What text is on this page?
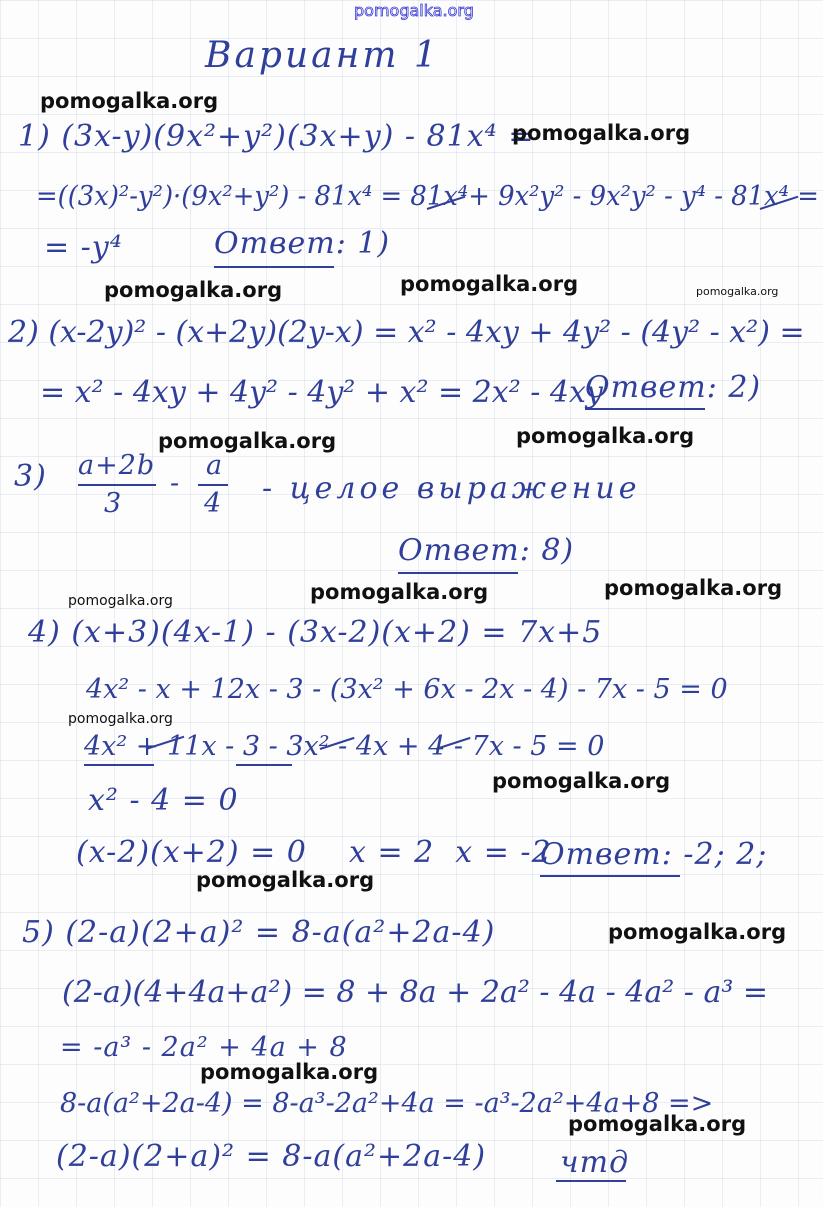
pomogalka.org
Вариант 1
1) (3x-y)(9x²+y²)(3x+y) - 81x⁴ =
=((3x)²-y²)·(9x²+y²) - 81x⁴ = 81x⁴+ 9x²y² - 9x²y² - y⁴ - 81x⁴ =
= -y⁴	Ответ: 1)
2) (x-2y)² - (x+2y)(2y-x) = x² - 4xy + 4y² - (4y² - x²) =
= x² - 4xy + 4y² - 4y² + x² = 2x² - 4xy
Ответ: 2)
3) a+2b
3
-
a
4 - целое выражение
Ответ: 8)
4) (x+3)(4x-1) - (3x-2)(x+2) = 7x+5
4x² - x + 12x - 3 - (3x² + 6x - 2x - 4) - 7x - 5 = 0
4x² + 11x - 3 - 3x² - 4x + 4 - 7x - 5 = 0
x² - 4 = 0
(x-2)(x+2) = 0    x = 2  x = -2
Ответ: -2; 2;
5) (2-a)(2+a)² = 8-a(a²+2a-4)
(2-a)(4+4a+a²) = 8 + 8a + 2a² - 4a - 4a² - a³ =
= -a³ - 2a² + 4a + 8
8-a(a²+2a-4) = 8-a³-2a²+4a = -a³-2a²+4a+8 =>
(2-a)(2+a)² = 8-a(a²+2a-4) чтд
pomogalka.org
pomogalka.org
pomogalka.org	pomogalka.org	pomogalka.org
pomogalka.org	pomogalka.org
pomogalka.org	pomogalka.org
pomogalka.org
pomogalka.org
pomogalka.org
pomogalka.org
pomogalka.org
pomogalka.org
pomogalka.org
